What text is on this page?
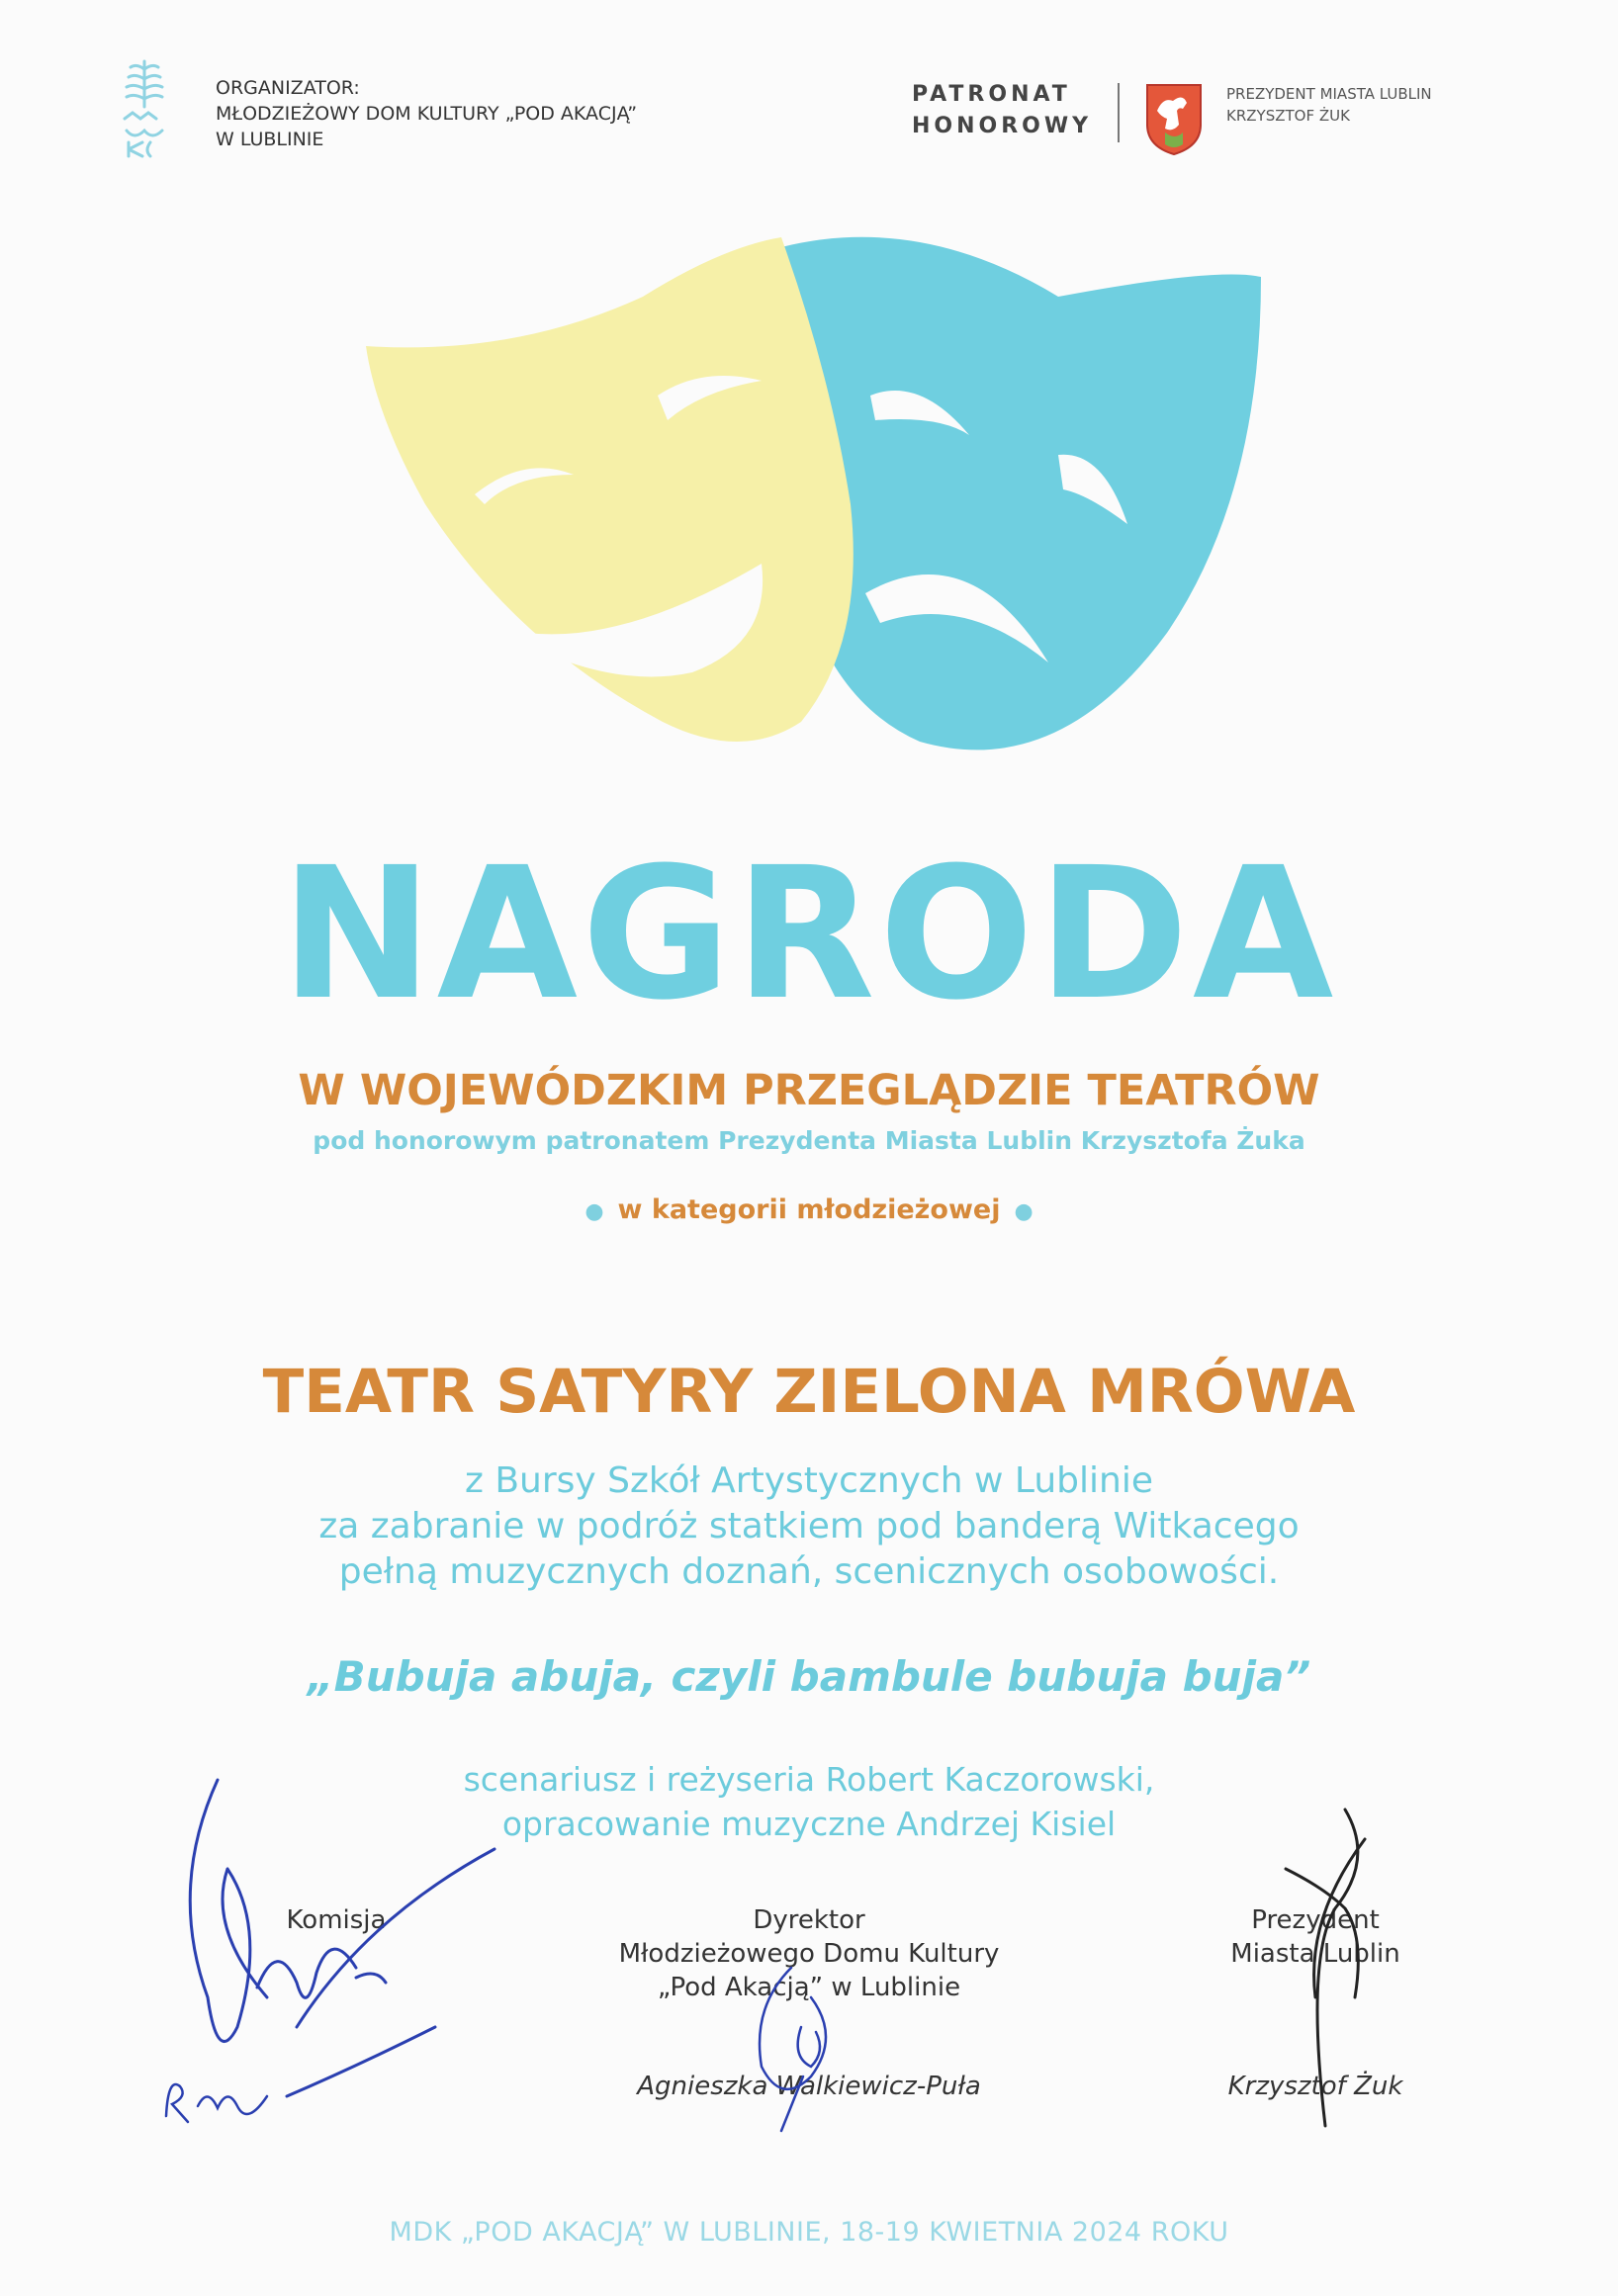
ORGANIZATOR:
MŁODZIEŻOWY DOM KULTURY „POD AKACJĄ”
W LUBLINIE
PATRONAT
HONOROWY
PREZYDENT MIASTA LUBLIN
KRZYSZTOF ŻUK
NAGRODA
W WOJEWÓDZKIM PRZEGLĄDZIE TEATRÓW
pod honorowym patronatem Prezydenta Miasta Lublin Krzysztofa Żuka
● w kategorii młodzieżowej ●
TEATR SATYRY ZIELONA MRÓWA
z Bursy Szkół Artystycznych w Lublinie
za zabranie w podróż statkiem pod banderą Witkacego
pełną muzycznych doznań, scenicznych osobowości.
„Bubuja abuja, czyli bambule bubuja buja”
scenariusz i reżyseria Robert Kaczorowski,
opracowanie muzyczne Andrzej Kisiel
Komisja	Dyrektor
Młodzieżowego Domu Kultury
„Pod Akacją” w Lublinie
Agnieszka Walkiewicz-Puła
Prezydent
Miasta Lublin
Krzysztof Żuk
MDK „POD AKACJĄ” W LUBLINIE, 18-19 KWIETNIA 2024 ROKU
